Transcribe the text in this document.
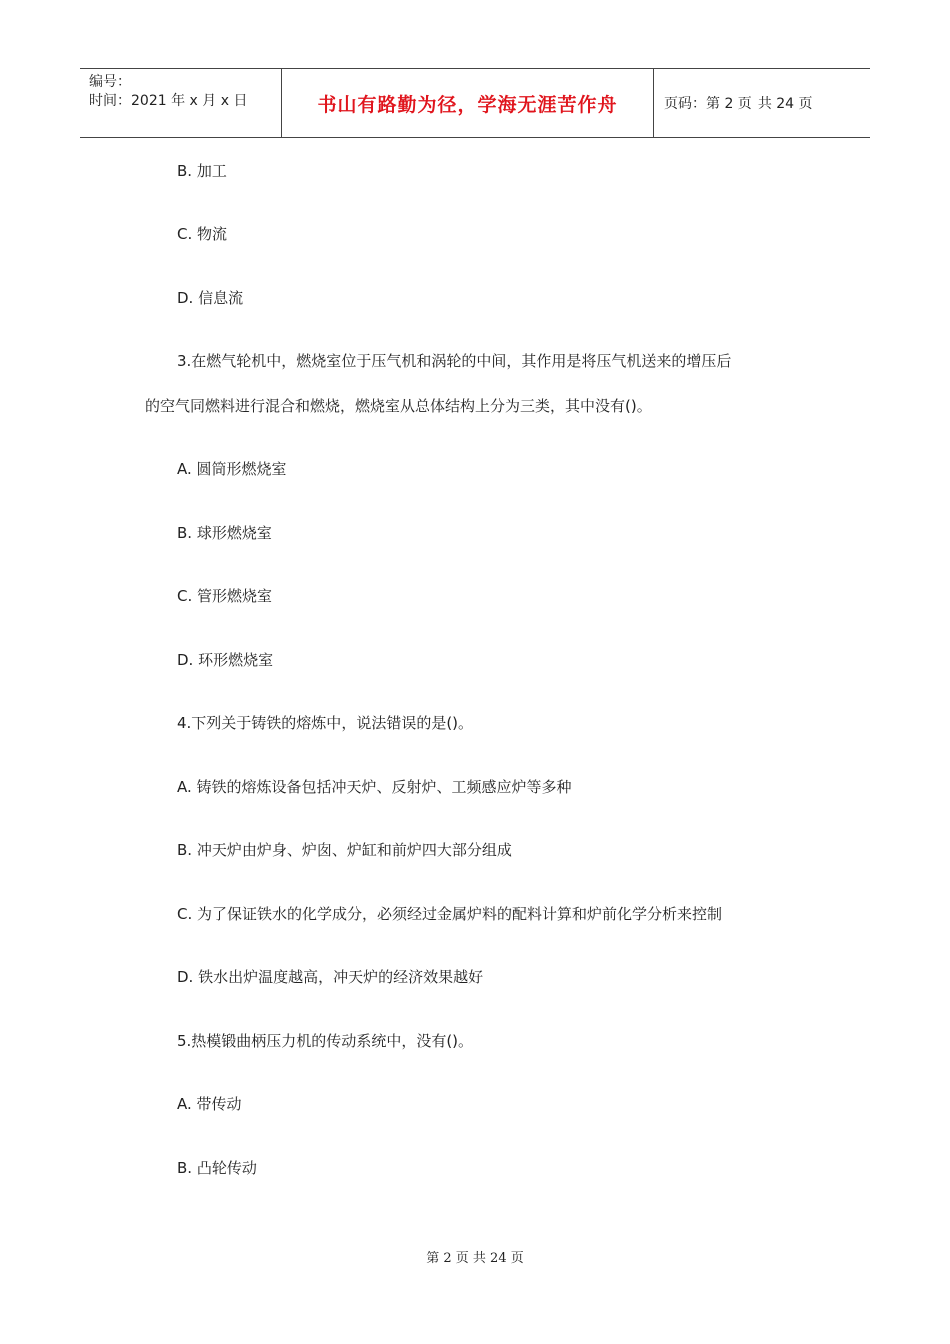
编号：
时间：2021 年 x 月 x 日	书山有路勤为径，学海无涯苦作舟	页码：第 2 页 共 24 页
B. 加工
C. 物流
D. 信息流
3.在燃气轮机中，燃烧室位于压气机和涡轮的中间，其作用是将压气机送来的增压后
的空气同燃料进行混合和燃烧，燃烧室从总体结构上分为三类，其中没有()。
A. 圆筒形燃烧室
B. 球形燃烧室
C. 管形燃烧室
D. 环形燃烧室
4.下列关于铸铁的熔炼中，说法错误的是()。
A. 铸铁的熔炼设备包括冲天炉、反射炉、工频感应炉等多种
B. 冲天炉由炉身、炉囱、炉缸和前炉四大部分组成
C. 为了保证铁水的化学成分，必须经过金属炉料的配料计算和炉前化学分析来控制
D. 铁水出炉温度越高，冲天炉的经济效果越好
5.热模锻曲柄压力机的传动系统中，没有()。
A. 带传动
B. 凸轮传动
第 2 页 共 24 页
